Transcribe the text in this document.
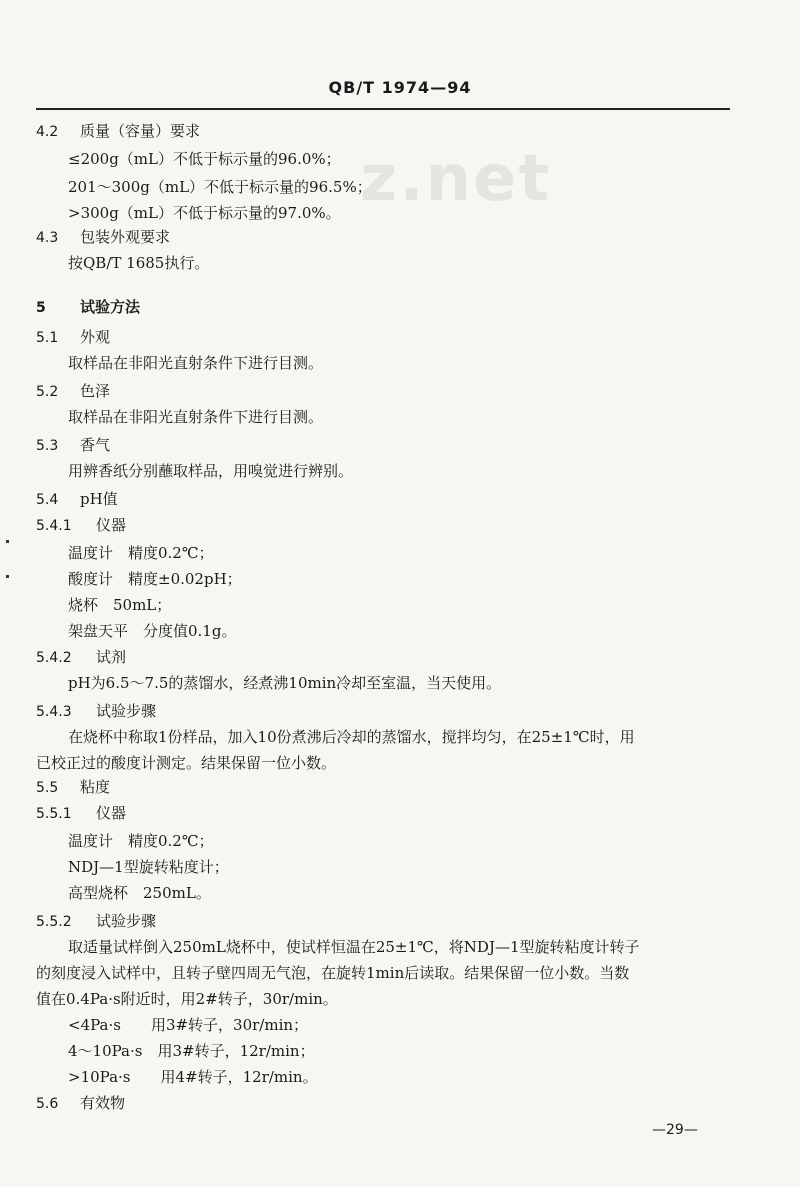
QB/T 1974—94
z.net
4.2 质量（容量）要求
≤200g（mL）不低于标示量的96.0%；
201～300g（mL）不低于标示量的96.5%；
>300g（mL）不低于标示量的97.0%。
4.3 包装外观要求
按QB/T 1685执行。
5 试验方法
5.1 外观
取样品在非阳光直射条件下进行目测。
5.2 色泽
取样品在非阳光直射条件下进行目测。
5.3 香气
用辨香纸分别蘸取样品，用嗅觉进行辨别。
5.4 pH值
5.4.1 仪器
温度计　精度0.2℃；
酸度计　精度±0.02pH；
烧杯　50mL；
架盘天平　分度值0.1g。
5.4.2 试剂
pH为6.5～7.5的蒸馏水，经煮沸10min冷却至室温，当天使用。
5.4.3 试验步骤
在烧杯中称取1份样品，加入10份煮沸后冷却的蒸馏水，搅拌均匀，在25±1℃时，用
已校正过的酸度计测定。结果保留一位小数。
5.5 粘度
5.5.1 仪器
温度计　精度0.2℃；
NDJ—1型旋转粘度计；
高型烧杯　250mL。
5.5.2 试验步骤
取适量试样倒入250mL烧杯中，使试样恒温在25±1℃，将NDJ—1型旋转粘度计转子
的刻度浸入试样中，且转子壁四周无气泡，在旋转1min后读取。结果保留一位小数。当数
值在0.4Pa·s附近时，用2#转子，30r/min。
<4Pa·s　　用3#转子，30r/min；
4～10Pa·s　用3#转子，12r/min；
>10Pa·s　　用4#转子，12r/min。
5.6 有效物
—29—
